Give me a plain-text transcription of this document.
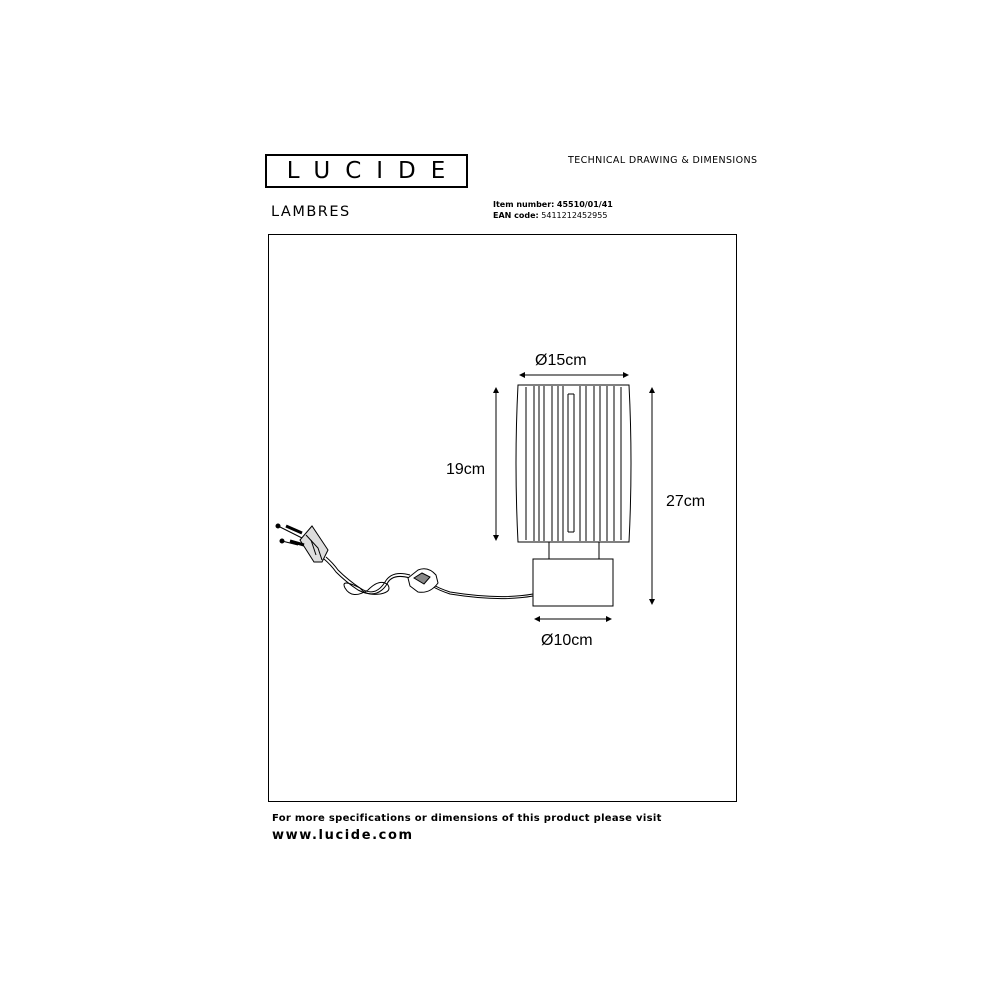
LUCIDE	TECHNICAL DRAWING & DIMENSIONS
LAMBRES	Item number: 45510/01/41
EAN code: 5411212452955
Ø15cm
19cm
27cm
Ø10cm
For more specifications or dimensions of this product please visit
www.lucide.com
